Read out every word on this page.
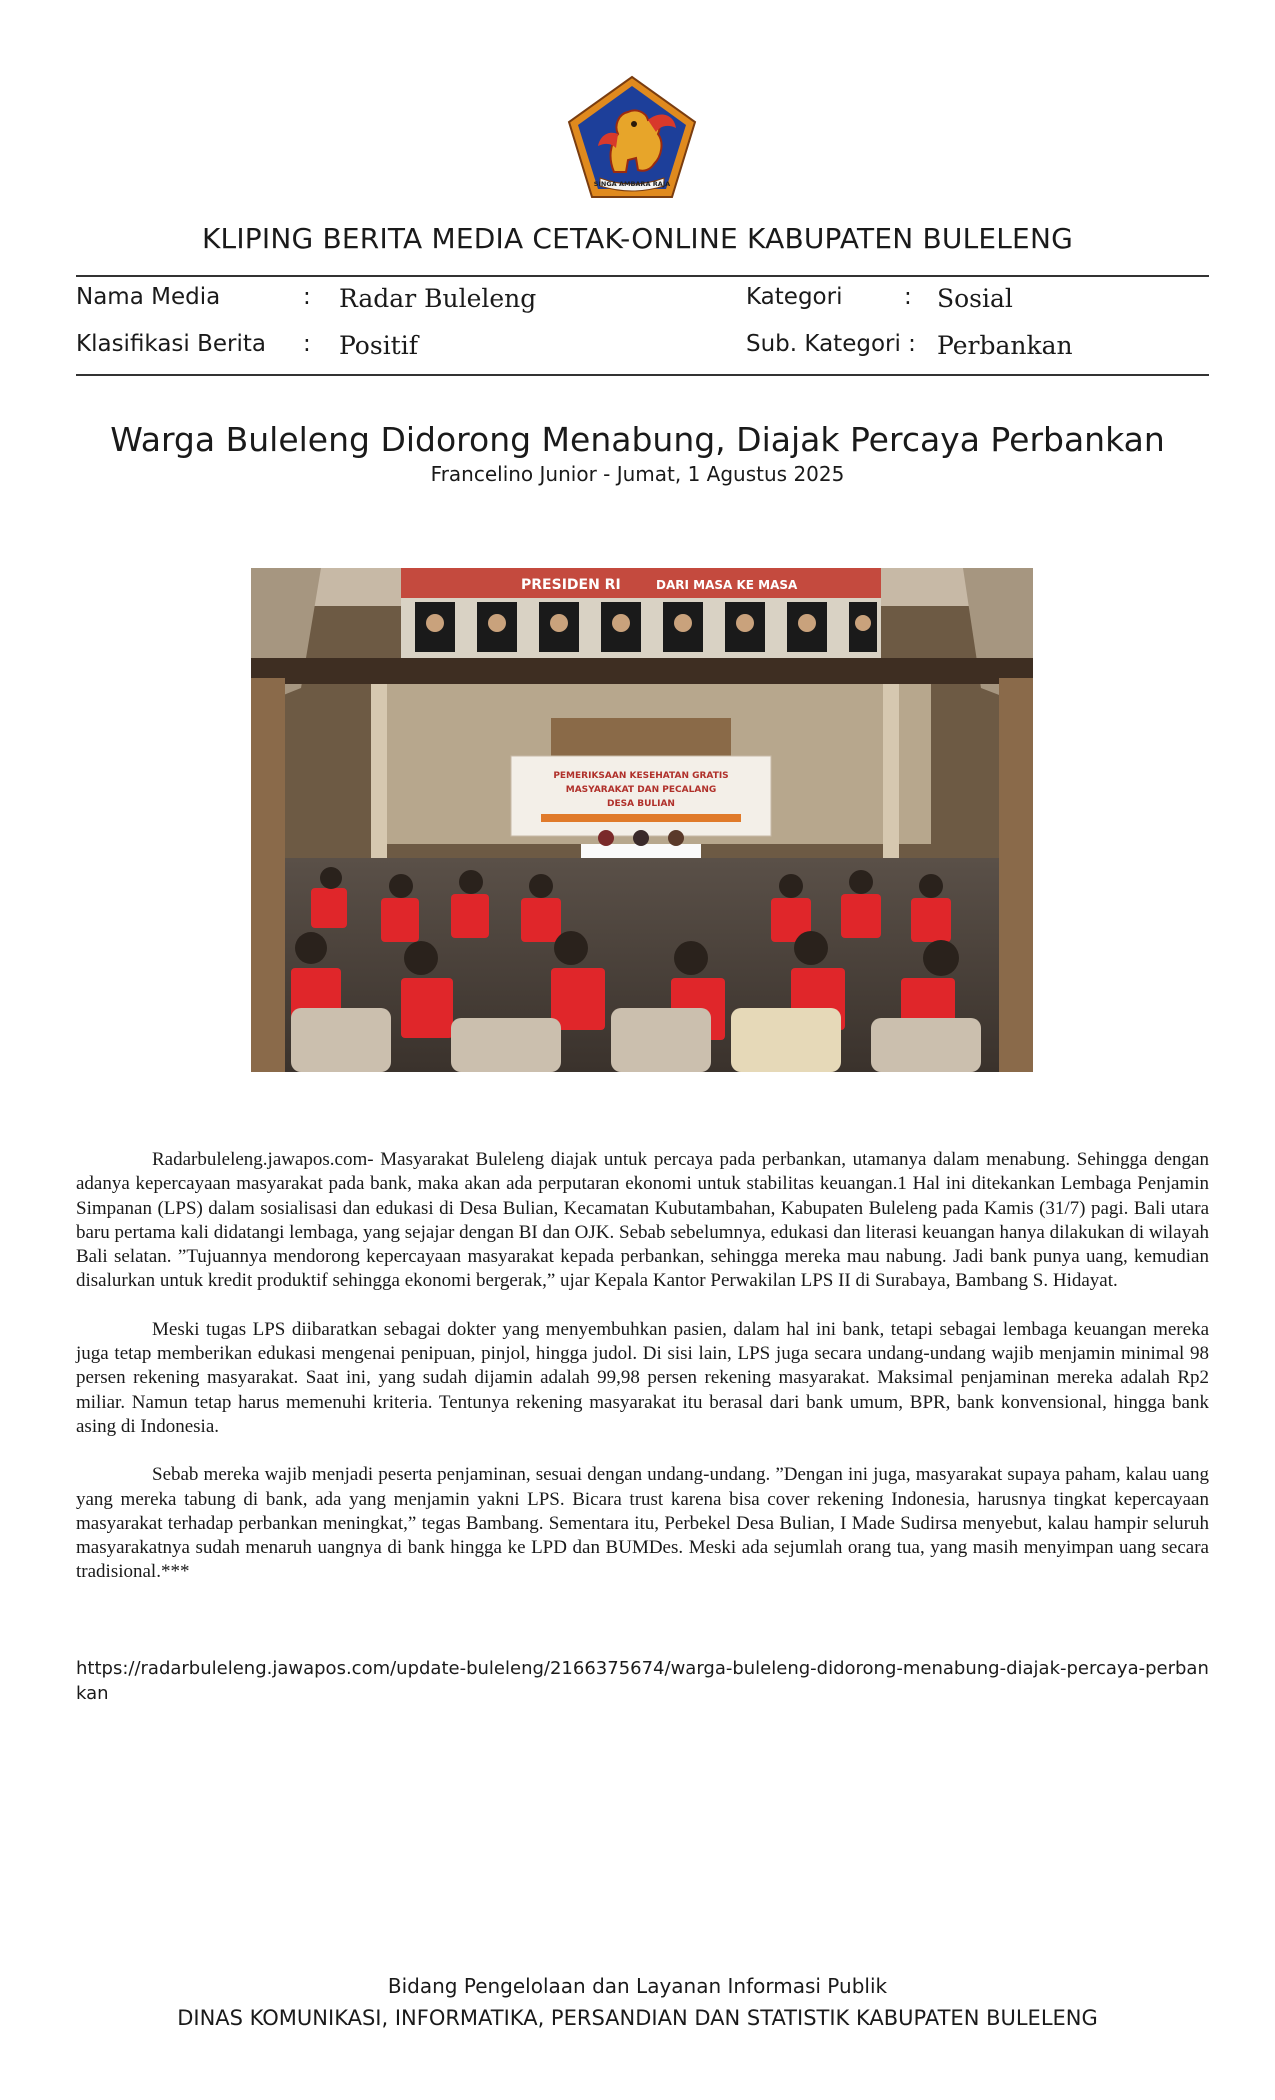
SINGA AMBARA RAJA
KLIPING BERITA MEDIA CETAK-ONLINE KABUPATEN BULELENG
Nama Media	: Radar Buleleng	Kategori	: Sosial
Klasifikasi Berita : Positif	Sub. Kategori : Perbankan
Warga Buleleng Didorong Menabung, Diajak Percaya Perbankan
Francelino Junior - Jumat, 1 Agustus 2025
PRESIDEN RI	DARI MASA KE MASA
PEMERIKSAAN KESEHATAN GRATIS
MASYARAKAT DAN PECALANG
DESA BULIAN

Radarbuleleng.jawapos.com- Masyarakat Buleleng diajak untuk percaya pada perbankan, utamanya dalam menabung. Sehingga dengan adanya kepercayaan masyarakat pada bank, maka akan ada perputaran ekonomi untuk stabilitas keuangan.1 Hal ini ditekankan Lembaga Penjamin Simpanan (LPS) dalam sosialisasi dan edukasi di Desa Bulian, Kecamatan Kubutambahan, Kabupaten Buleleng pada Kamis (31/7) pagi. Bali utara baru pertama kali didatangi lembaga, yang sejajar dengan BI dan OJK. Sebab sebelumnya, edukasi dan literasi keuangan hanya dilakukan di wilayah Bali selatan. ”Tujuannya mendorong kepercayaan masyarakat kepada perbankan, sehingga mereka mau nabung. Jadi bank punya uang, kemudian disalurkan untuk kredit produktif sehingga ekonomi bergerak,” ujar Kepala Kantor Perwakilan LPS II di Surabaya, Bambang S. Hidayat.

Meski tugas LPS diibaratkan sebagai dokter yang menyembuhkan pasien, dalam hal ini bank, tetapi sebagai lembaga keuangan mereka juga tetap memberikan edukasi mengenai penipuan, pinjol, hingga judol. Di sisi lain, LPS juga secara undang-undang wajib menjamin minimal 98 persen rekening masyarakat. Saat ini, yang sudah dijamin adalah 99,98 persen rekening masyarakat. Maksimal penjaminan mereka adalah Rp2 miliar. Namun tetap harus memenuhi kriteria. Tentunya rekening masyarakat itu berasal dari bank umum, BPR, bank konvensional, hingga bank asing di Indonesia.

Sebab mereka wajib menjadi peserta penjaminan, sesuai dengan undang-undang. ”Dengan ini juga, masyarakat supaya paham, kalau uang yang mereka tabung di bank, ada yang menjamin yakni LPS. Bicara trust karena bisa cover rekening Indonesia, harusnya tingkat kepercayaan masyarakat terhadap perbankan meningkat,” tegas Bambang. Sementara itu, Perbekel Desa Bulian, I Made Sudirsa menyebut, kalau hampir seluruh masyarakatnya sudah menaruh uangnya di bank hingga ke LPD dan BUMDes. Meski ada sejumlah orang tua, yang masih menyimpan uang secara tradisional.***

https://radarbuleleng.jawapos.com/update-buleleng/2166375674/warga-buleleng-didorong-menabung-diajak-percaya-perbankan
Bidang Pengelolaan dan Layanan Informasi Publik
DINAS KOMUNIKASI, INFORMATIKA, PERSANDIAN DAN STATISTIK KABUPATEN BULELENG
